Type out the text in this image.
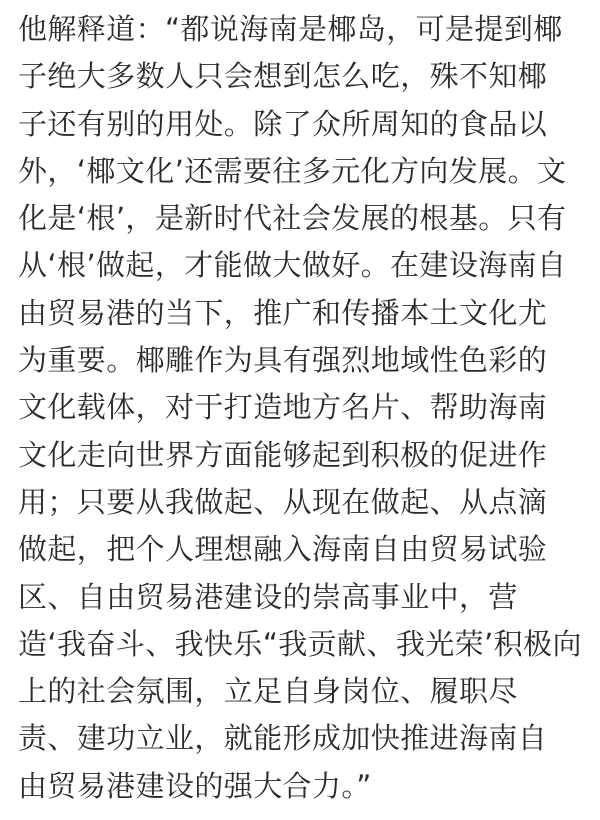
他解释道：“都说海南是椰岛，可是提到椰
子绝大多数人只会想到怎么吃，殊不知椰
子还有别的用处。除了众所周知的食品以
外，‘椰文化’还需要往多元化方向发展。文
化是‘根’，是新时代社会发展的根基。只有
从‘根’做起，才能做大做好。在建设海南自
由贸易港的当下，推广和传播本土文化尤
为重要。椰雕作为具有强烈地域性色彩的
文化载体，对于打造地方名片、帮助海南
文化走向世界方面能够起到积极的促进作
用；只要从我做起、从现在做起、从点滴
做起，把个人理想融入海南自由贸易试验
区、自由贸易港建设的崇高事业中，营
造‘我奋斗、我快乐“我贡献、我光荣’积极向
上的社会氛围，立足自身岗位、履职尽
责、建功立业，就能形成加快推进海南自
由贸易港建设的强大合力。”
